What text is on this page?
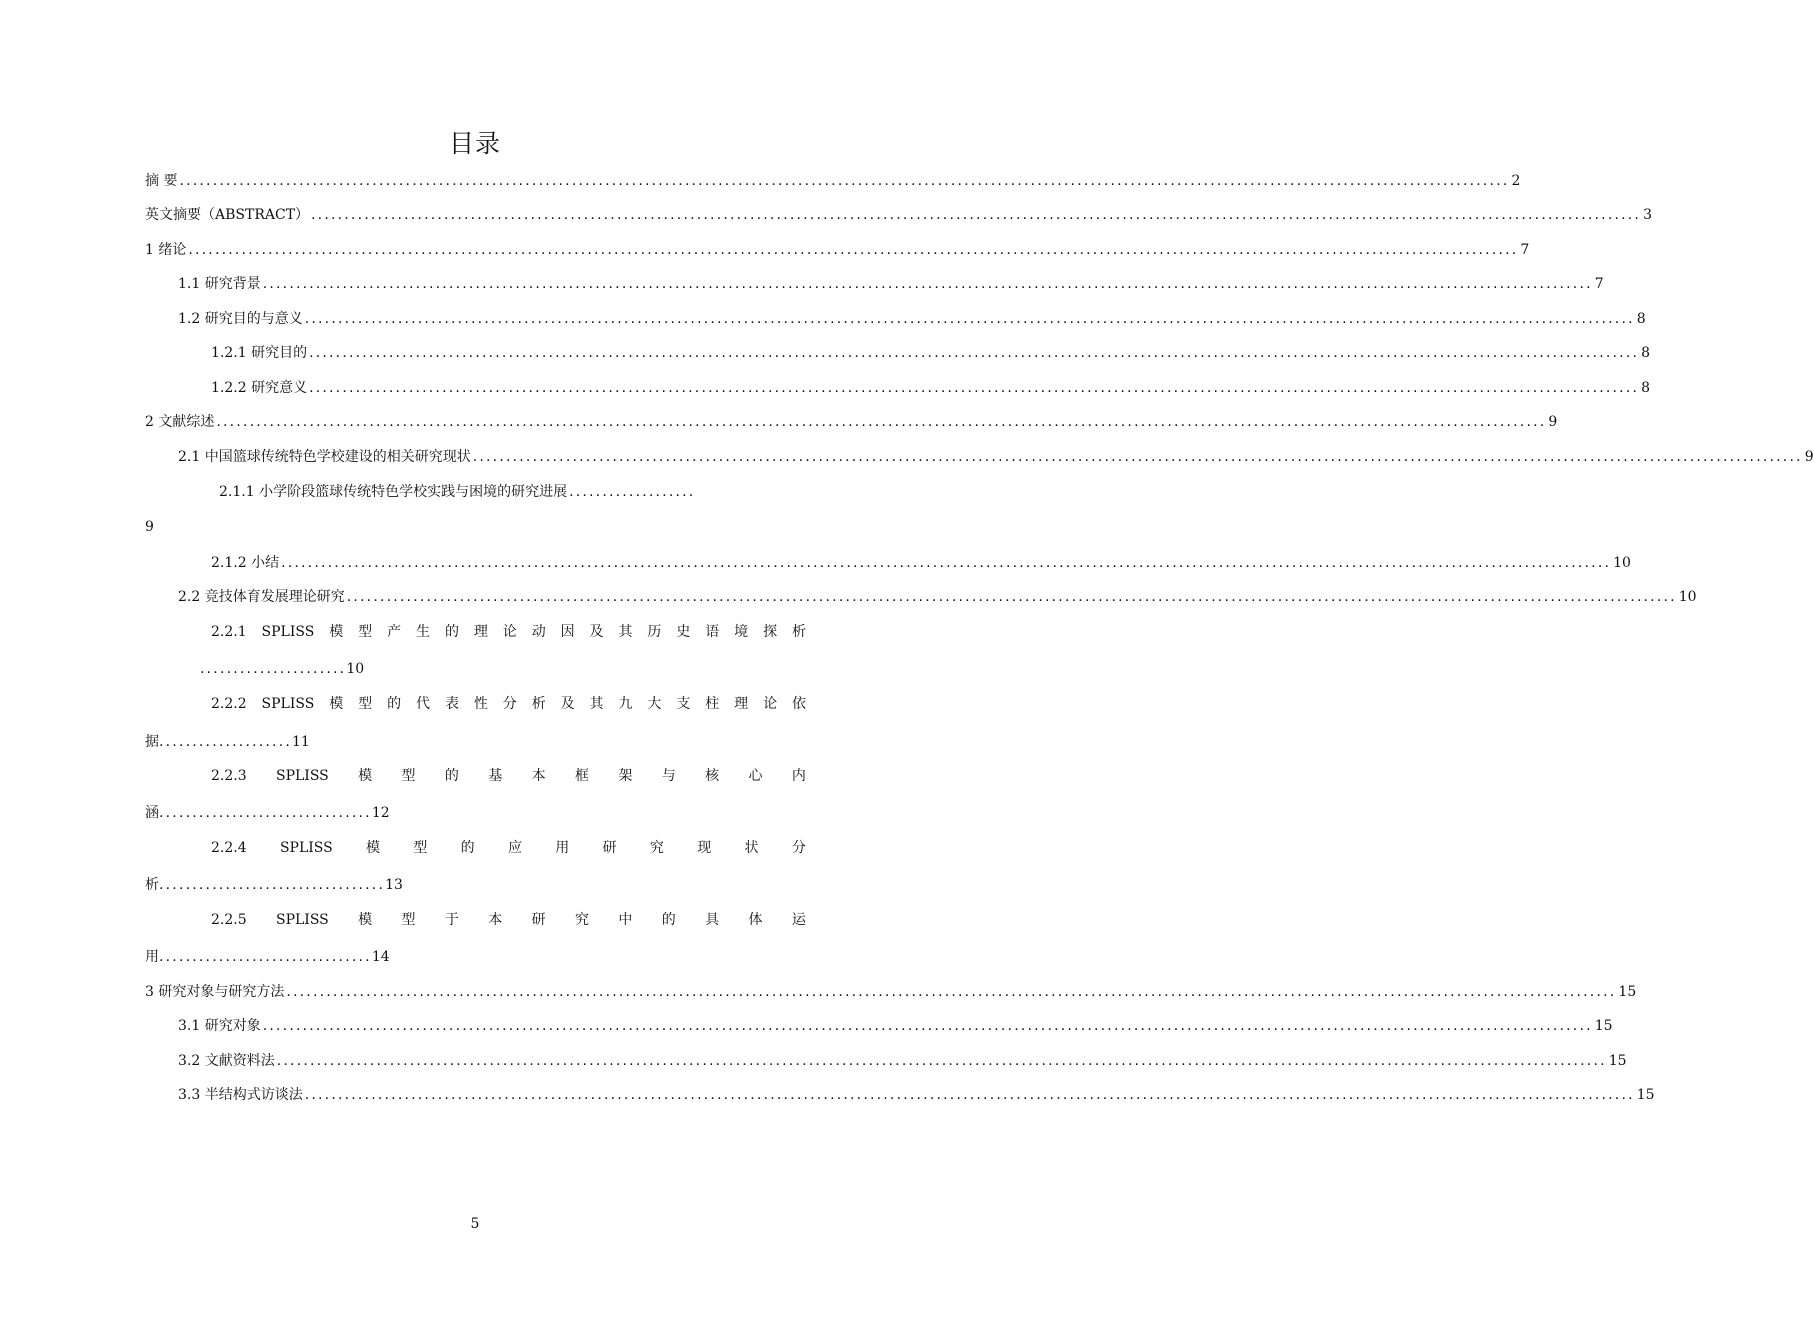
目录
摘 要 ........................................................................................................................................................................................................ 2
英文摘要（ABSTRACT） ........................................................................................................................................................................................................ 3
1 绪论 ........................................................................................................................................................................................................ 7
1.1 研究背景 ........................................................................................................................................................................................................ 7
1.2 研究目的与意义 ........................................................................................................................................................................................................ 8
1.2.1 研究目的 ........................................................................................................................................................................................................ 8
1.2.2 研究意义 ........................................................................................................................................................................................................ 8
2 文献综述 ........................................................................................................................................................................................................ 9
2.1 中国篮球传统特色学校建设的相关研究现状 ........................................................................................................................................................................................................ 9
2.1.1 小学阶段篮球传统特色学校实践与困境的研究进展 ...................
9
2.1.2 小结 ........................................................................................................................................................................................................ 10
2.2 竞技体育发展理论研究 ........................................................................................................................................................................................................ 10
2.2.1 SPLISS 模 型 产 生 的 理 论 动 因 及 其 历 史 语 境 探 析
...................... 10
2.2.2 SPLISS 模 型 的 代 表 性 分 析 及 其 九 大 支 柱 理 论 依
据 .................... 11
2.2.3 SPLISS 模 型 的 基 本 框 架 与 核 心 内
涵 ................................ 12
2.2.4 SPLISS 模 型 的 应 用 研 究 现 状 分
析 .................................. 13
2.2.5 SPLISS 模 型 于 本 研 究 中 的 具 体 运
用 ................................ 14
3 研究对象与研究方法 ........................................................................................................................................................................................................ 15
3.1 研究对象 ........................................................................................................................................................................................................ 15
3.2 文献资料法 ........................................................................................................................................................................................................ 15
3.3 半结构式访谈法 ........................................................................................................................................................................................................ 15
5
